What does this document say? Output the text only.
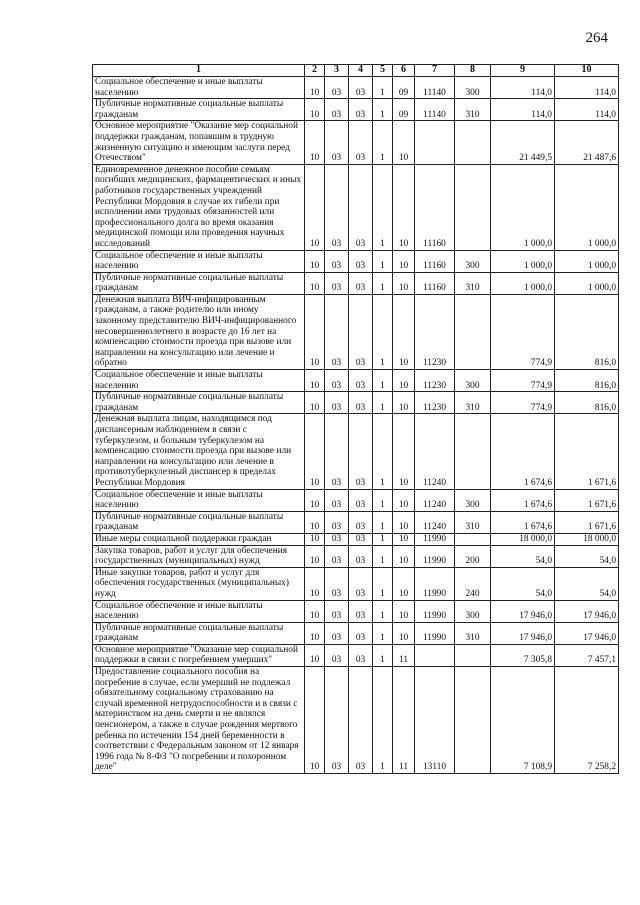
264
1	2	3	4	5	6	7	8	9	10
Социальное обеспечение и иные выплаты населению	10	03	03	1	09	11140	300	114,0	114,0
Публичные нормативные социальные выплаты гражданам	10	03	03	1	09	11140	310	114,0	114,0
Основное мероприятие "Оказание мер социальной поддержки гражданам, попавшим в трудную жизненную ситуацию и имеющим заслуги перед Отечеством"	10	03	03	1	10			21 449,5	21 487,6
Единовременное денежное пособие семьям погибших медицинских, фармацевтических и иных работников государственных учреждений Республики Мордовия в случае их гибели при исполнении ими трудовых обязанностей или профессионального долга во время оказания медицинской помощи или проведения научных исследований	10	03	03	1	10	11160		1 000,0	1 000,0
Социальное обеспечение и иные выплаты населению	10	03	03	1	10	11160	300	1 000,0	1 000,0
Публичные нормативные социальные выплаты гражданам	10	03	03	1	10	11160	310	1 000,0	1 000,0
Денежная выплата ВИЧ-инфицированным гражданам, а также родителю или иному законному представителю ВИЧ-инфицированного несовершеннолетнего в возрасте до 16 лет на компенсацию стоимости проезда при вызове или направлении на консультацию или лечение и обратно	10	03	03	1	10	11230		774,9	816,0
Социальное обеспечение и иные выплаты населению	10	03	03	1	10	11230	300	774,9	816,0
Публичные нормативные социальные выплаты гражданам	10	03	03	1	10	11230	310	774,9	816,0
Денежная выплата лицам, находящимся под диспансерным наблюдением в связи с туберкулезом, и больным туберкулезом на компенсацию стоимости проезда при вызове или направлении на консультацию или лечение в противотуберкулезный диспансер в пределах Республики Мордовия	10	03	03	1	10	11240		1 674,6	1 671,6
Социальное обеспечение и иные выплаты населению	10	03	03	1	10	11240	300	1 674,6	1 671,6
Публичные нормативные социальные выплаты гражданам	10	03	03	1	10	11240	310	1 674,6	1 671,6
Иные меры социальной поддержки граждан	10	03	03	1	10	11990		18 000,0	18 000,0
Закупка товаров, работ и услуг для обеспечения государственных (муниципальных) нужд	10	03	03	1	10	11990	200	54,0	54,0
Иные закупки товаров, работ и услуг для обеспечения государственных (муниципальных) нужд	10	03	03	1	10	11990	240	54,0	54,0
Социальное обеспечение и иные выплаты населению	10	03	03	1	10	11990	300	17 946,0	17 946,0
Публичные нормативные социальные выплаты гражданам	10	03	03	1	10	11990	310	17 946,0	17 946,0
Основное мероприятие "Оказание мер социальной поддержки в связи с погребением умерших"	10	03	03	1	11			7 305,8	7 457,1
Предоставление социального пособия на погребение в случае, если умерший не подлежал обязательному социальному страхованию на случай временной нетрудоспособности и в связи с материнством на день смерти и не являлся пенсионером, а также в случае рождения мертвого ребенка по истечении 154 дней беременности в соответствии с Федеральным законом от 12 января 1996 года № 8-ФЗ "О погребении и похоронном деле"	10	03	03	1	11	13110		7 108,9	7 258,2
